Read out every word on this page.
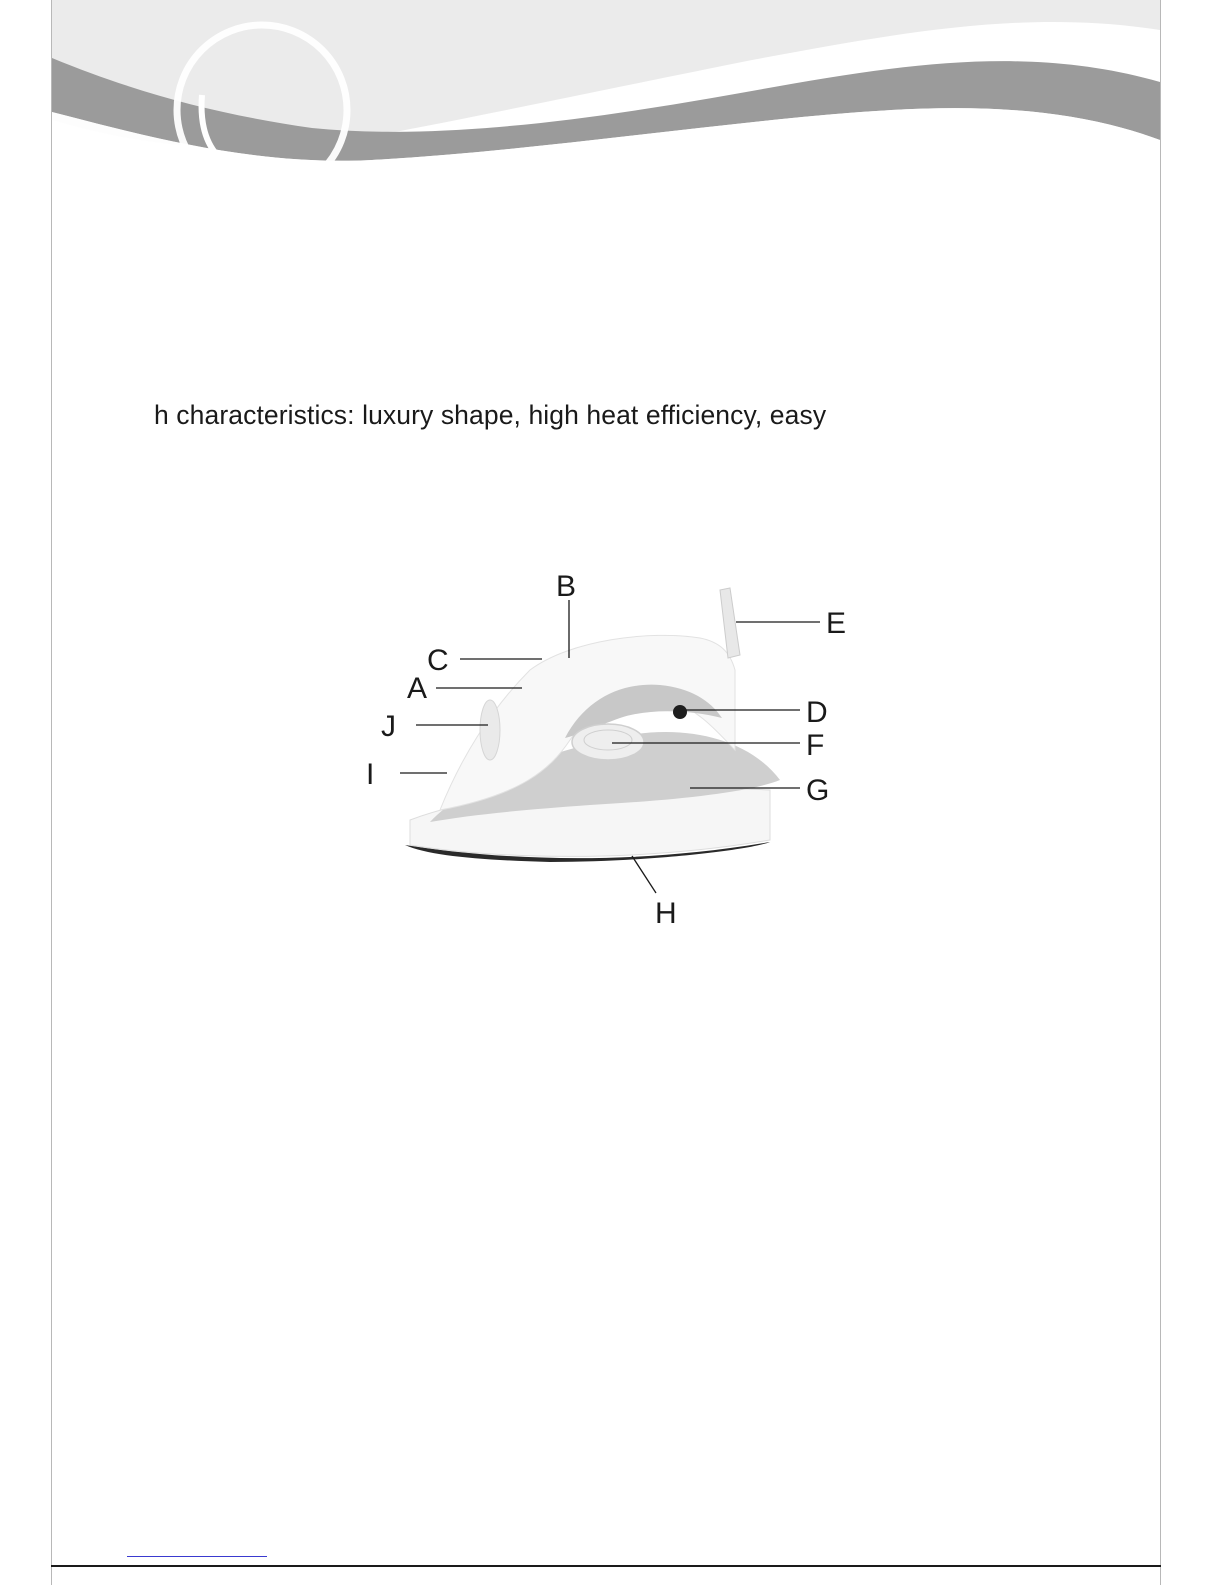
h characteristics: luxury shape, high heat efficiency, easy

B
C
A
J
I
E
D
F
G
H
